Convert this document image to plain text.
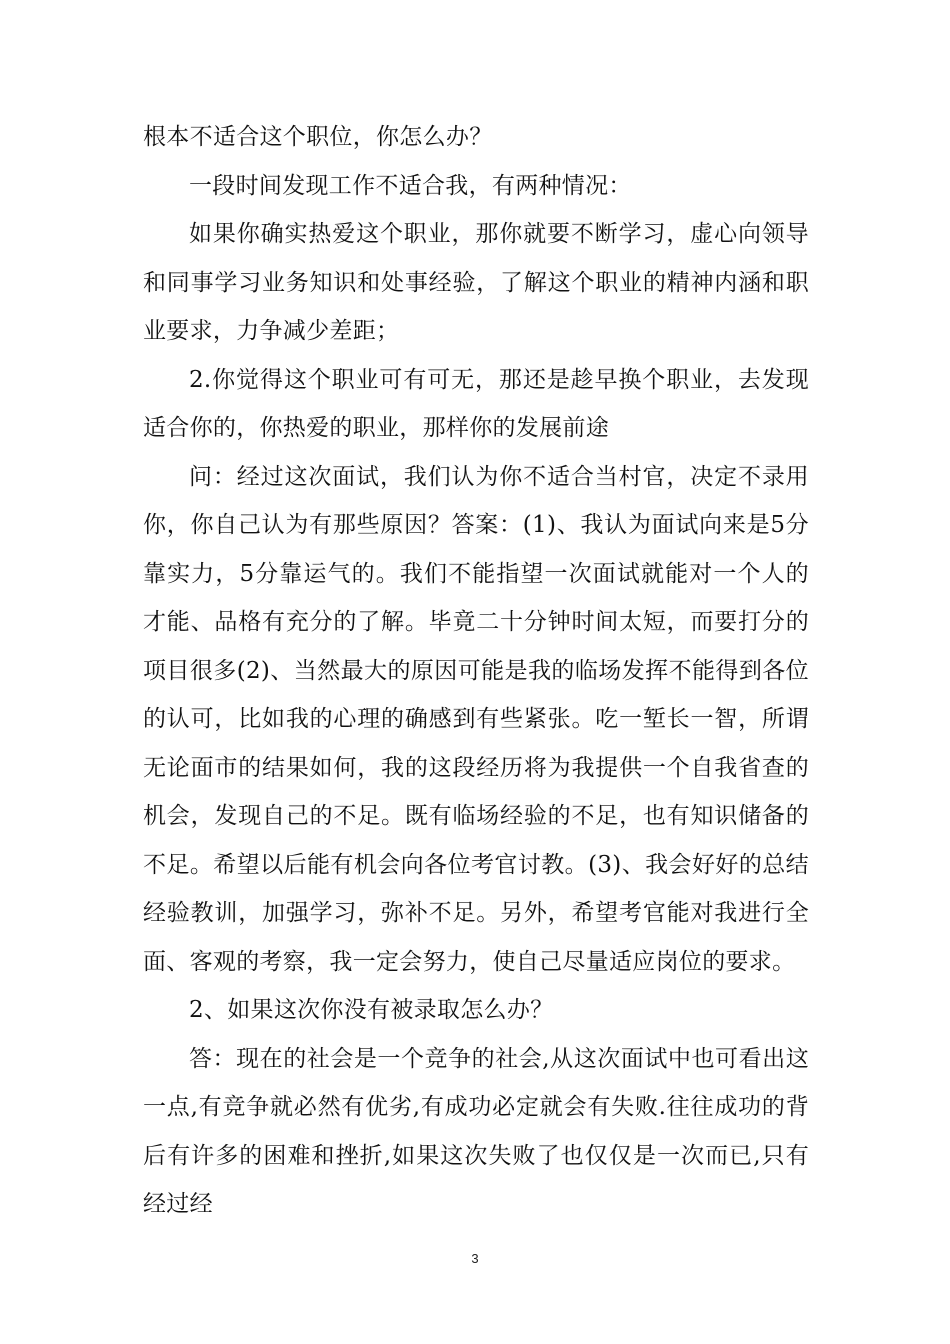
根本不适合这个职位，你怎么办？

一段时间发现工作不适合我，有两种情况：

如果你确实热爱这个职业，那你就要不断学习，虚心向领导和同事学习业务知识和处事经验，了解这个职业的精神内涵和职业要求，力争减少差距；

2.你觉得这个职业可有可无，那还是趁早换个职业，去发现适合你的，你热爱的职业，那样你的发展前途

问：经过这次面试，我们认为你不适合当村官，决定不录用你，你自己认为有那些原因？答案：(1)、我认为面试向来是5分靠实力，5分靠运气的。我们不能指望一次面试就能对一个人的才能、品格有充分的了解。毕竟二十分钟时间太短，而要打分的项目很多(2)、当然最大的原因可能是我的临场发挥不能得到各位的认可，比如我的心理的确感到有些紧张。吃一堑长一智，所谓无论面市的结果如何，我的这段经历将为我提供一个自我省查的机会，发现自己的不足。既有临场经验的不足，也有知识储备的不足。希望以后能有机会向各位考官讨教。(3)、我会好好的总结经验教训，加强学习，弥补不足。另外，希望考官能对我进行全面、客观的考察，我一定会努力，使自己尽量适应岗位的要求。

2、如果这次你没有被录取怎么办？

答：现在的社会是一个竞争的社会,从这次面试中也可看出这一点,有竞争就必然有优劣,有成功必定就会有失败.往往成功的背后有许多的困难和挫折,如果这次失败了也仅仅是一次而已,只有经过经

3
